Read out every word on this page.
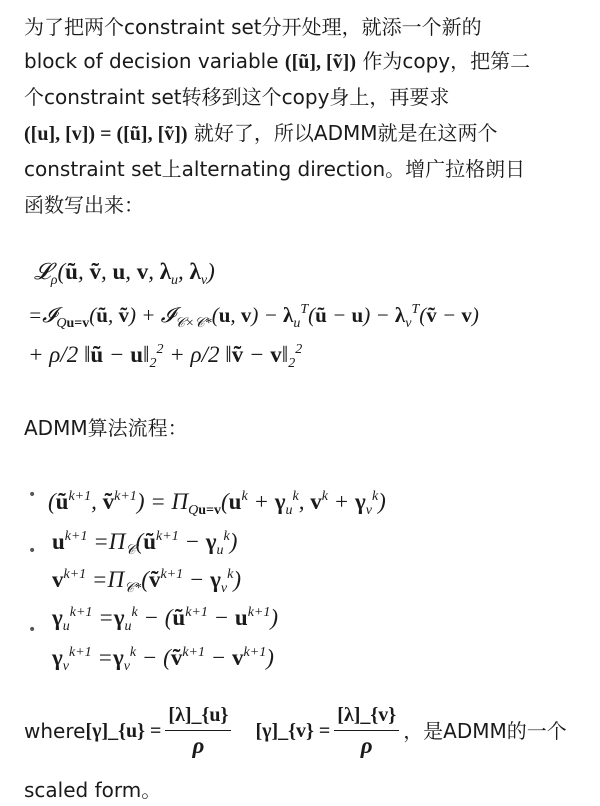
为了把两个constraint set分开处理，就添一个新的
block of decision variable ([ũ], [ṽ]) 作为copy，把第二
个constraint set转移到这个copy身上，再要求
([u], [v]) = ([ũ], [ṽ]) 就好了，所以ADMM就是在这两个
constraint set上alternating direction。增广拉格朗日
函数写出来：
𝓛$_\rho$(ũ, ṽ, u, v, $\lambda_u$, $\lambda_v$)
=𝓘$_{Qu=v}$(ũ, ṽ) + 𝓘$_{𝒞\times 𝒞*}$(u, $v) - \lambda_u^T(ũ - u)$ − $\lambda_v^T(ṽ - v)$
+ ρ/2 ‖ũ − $u‖_2^2 + \rho/2$ ‖ṽ − $v‖_2^2$
ADMM算法流程：
•
•
•
($ũ^{k+1}$, ṽ$^{k+1}$) = $\Pi_{Qu=v}(u^k + \gamma_u^k$, $v^k + \gamma_v^k$)
$u^{k+1}$ $=\Pi_𝒞(ũ^{k+1} - \gamma_u^k)$
$v^{k+1}$ $=\Pi_{𝒞*}(ṽ^{k+1} - \gamma_v^k)$
$\gamma_u^{k+1} =\gamma_u^k$ − $(ũ^{k+1} - u^{k+1})$
$\gamma_v^{k+1} =\gamma_v^k$ − (ṽ$^{k+1}$ − $v^{k+1}$)
where [γ]_{u} = $\frac{[\lambda]\_\{u\}}{\rho}$ [γ]_{v} = $\frac{[\lambda]\_\{v\}}{\rho}$ ，是ADMM的一个
scaled form。
